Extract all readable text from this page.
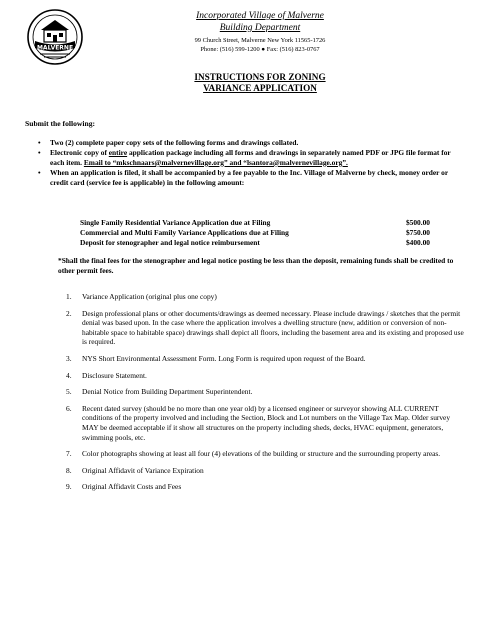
MALVERNE
Incorporated Village of Malverne
Building Department
99 Church Street, Malverne New York 11565-1726
Phone: (516) 599-1200 ● Fax: (516) 823-0767
INSTRUCTIONS FOR ZONING
VARIANCE APPLICATION
Submit the following:
• Two (2) complete paper copy sets of the following forms and drawings collated.
• Electronic copy of entire application package including all forms and drawings in separately named PDF or JPG file format for each item. Email to “mkschnaars@malvernevillage.org” and “lsantora@malvernevillage.org”.
• When an application is filed, it shall be accompanied by a fee payable to the Inc. Village of Malverne by check, money order or credit card (service fee is applicable) in the following amount:
Single Family Residential Variance Application due at Filing	$500.00
Commercial and Multi Family Variance Applications due at Filing	$750.00
Deposit for stenographer and legal notice reimbursement	$400.00
*Shall the final fees for the stenographer and legal notice posting be less than the deposit, remaining funds shall be credited to other permit fees.
1. Variance Application (original plus one copy)
2. Design professional plans or other documents/drawings as deemed necessary. Please include drawings / sketches that the permit denial was based upon. In the case where the application involves a dwelling structure (new, addition or conversion of non-habitable space to habitable space) drawings shall depict all floors, including the basement area and its existing and proposed use is required.
3. NYS Short Environmental Assessment Form. Long Form is required upon request of the Board.
4. Disclosure Statement.
5. Denial Notice from Building Department Superintendent.
6. Recent dated survey (should be no more than one year old) by a licensed engineer or surveyor showing ALL CURRENT conditions of the property involved and including the Section, Block and Lot numbers on the Village Tax Map. Older survey MAY be deemed acceptable if it show all structures on the property including sheds, decks, HVAC equipment, generators, swimming pools, etc.
7. Color photographs showing at least all four (4) elevations of the building or structure and the surrounding property areas.
8. Original Affidavit of Variance Expiration
9. Original Affidavit Costs and Fees
